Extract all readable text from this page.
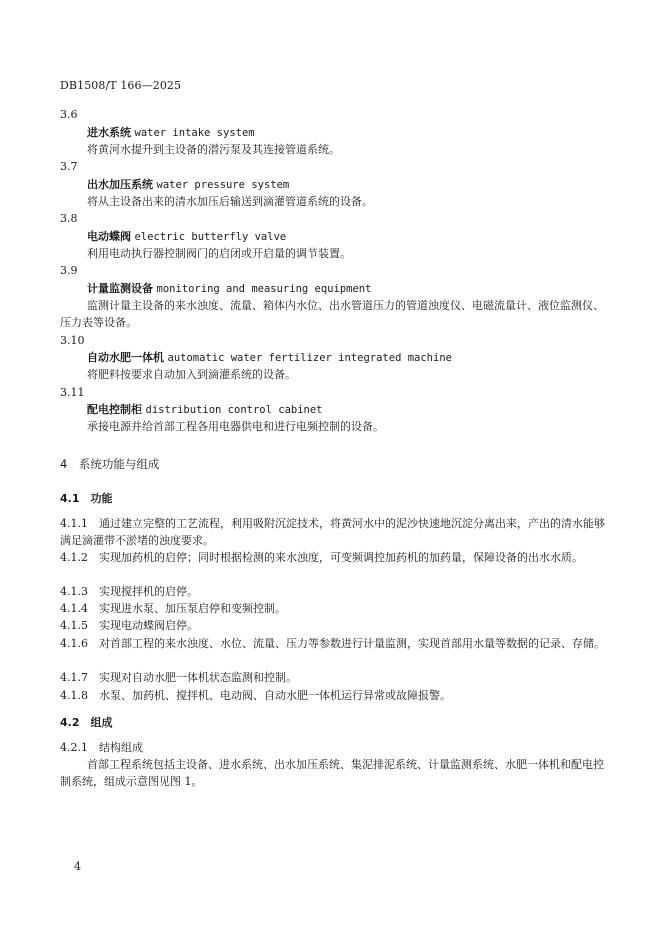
DB1508/T 166—2025
3.6
进水系统 water intake system
将黄河水提升到主设备的潜污泵及其连接管道系统。
3.7
出水加压系统 water pressure system
将从主设备出来的清水加压后输送到滴灌管道系统的设备。
3.8
电动蝶阀 electric butterfly valve
利用电动执行器控制阀门的启闭或开启量的调节装置。
3.9
计量监测设备 monitoring and measuring equipment
监测计量主设备的来水浊度、流量、箱体内水位、出水管道压力的管道浊度仪、电磁流量计、液位监测仪、压力表等设备。
3.10
自动水肥一体机 automatic water fertilizer integrated machine
将肥料按要求自动加入到滴灌系统的设备。
3.11
配电控制柜 distribution control cabinet
承接电源并给首部工程各用电器供电和进行电频控制的设备。
4　系统功能与组成
4.1　功能
4.1.1　通过建立完整的工艺流程，利用吸附沉淀技术，将黄河水中的泥沙快速地沉淀分离出来，产出的清水能够满足滴灌带不淤堵的浊度要求。
4.1.2　实现加药机的启停；同时根据检测的来水浊度，可变频调控加药机的加药量，保障设备的出水水质。
4.1.3　实现搅拌机的启停。
4.1.4　实现进水泵、加压泵启停和变频控制。
4.1.5　实现电动蝶阀启停。
4.1.6　对首部工程的来水浊度、水位、流量、压力等参数进行计量监测，实现首部用水量等数据的记录、存储。
4.1.7　实现对自动水肥一体机状态监测和控制。
4.1.8　水泵、加药机、搅拌机、电动阀、自动水肥一体机运行异常或故障报警。
4.2　组成
4.2.1　结构组成
首部工程系统包括主设备、进水系统、出水加压系统、集泥排泥系统、计量监测系统、水肥一体机和配电控制系统，组成示意图见图 1。
4
